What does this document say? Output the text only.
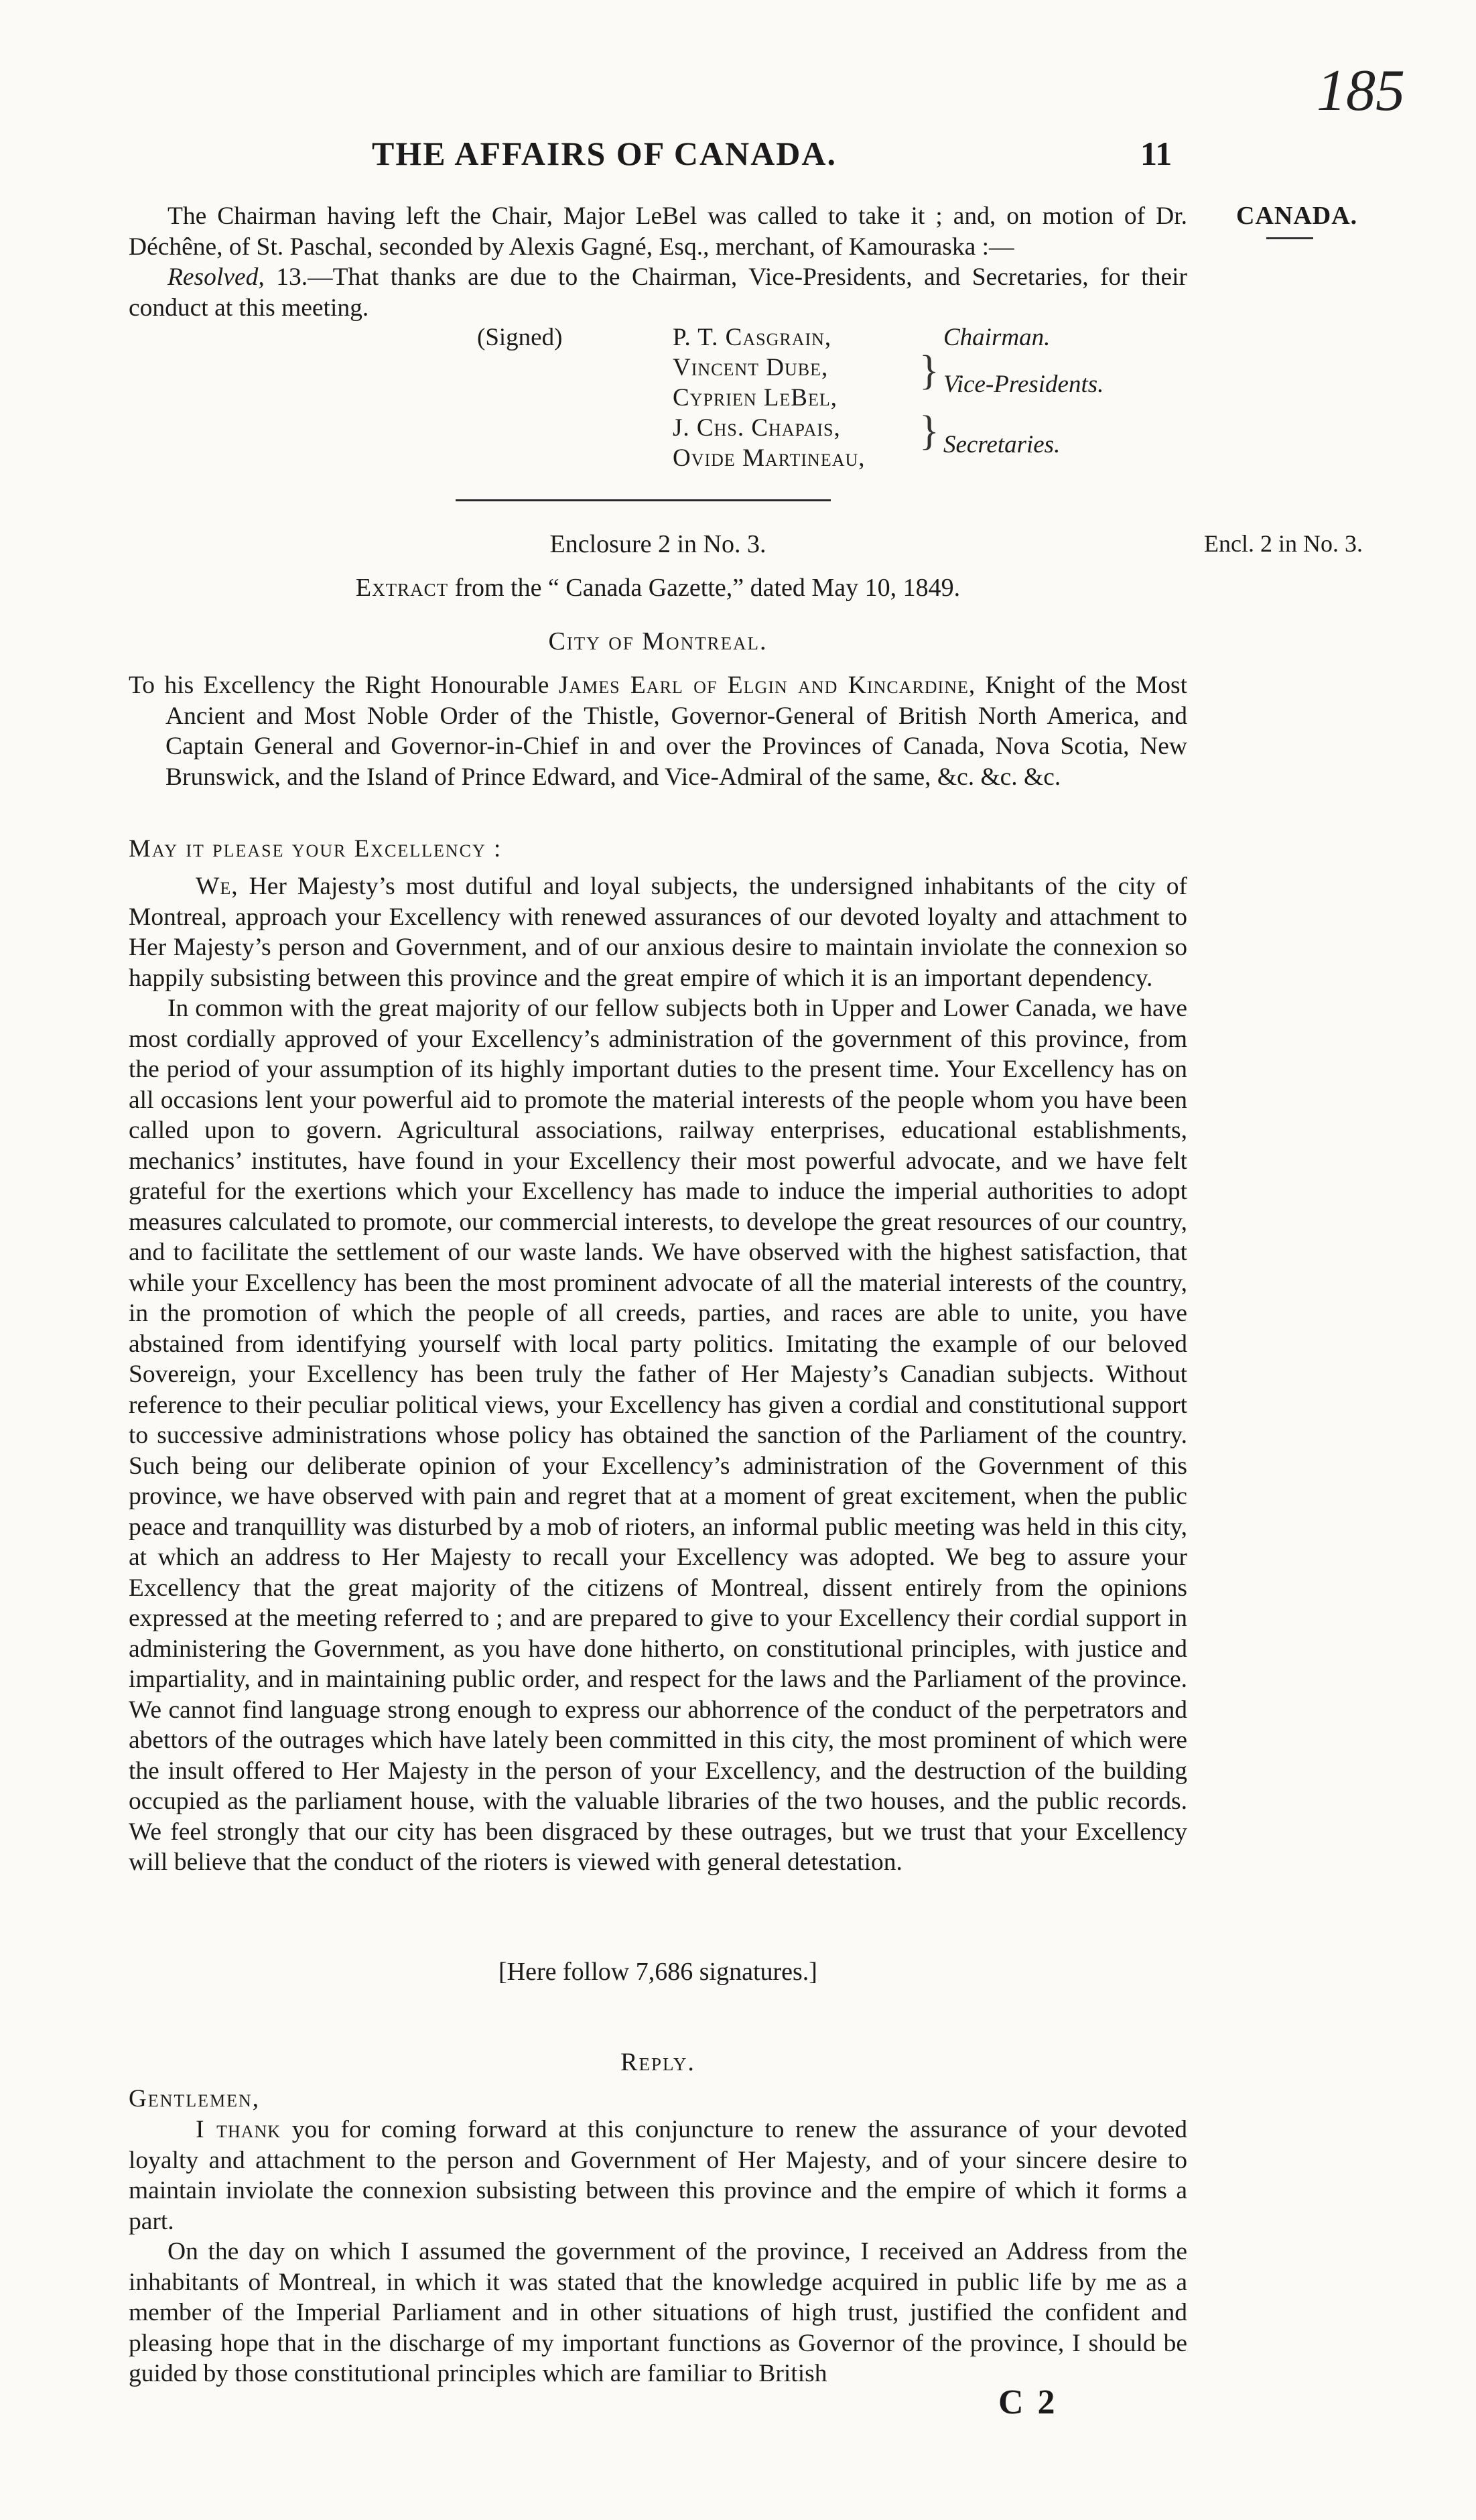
185
THE AFFAIRS OF CANADA.	11
CANADA.

The Chairman having left the Chair, Major LeBel was called to take it ; and, on motion of Dr. Déchêne, of St. Paschal, seconded by Alexis Gagné, Esq., merchant, of Kamouraska :—

Resolved, 13.—That thanks are due to the Chairman, Vice-Presidents, and Secretaries, for their conduct at this meeting.

(Signed)	P. T. Casgrain,	Chairman.
Vincent Dube,
Cyprien LeBel,
} Vice-Presidents.
J. Chs. Chapais,
Ovide Martineau,
} Secretaries.
Enclosure 2 in No. 3.	Encl. 2 in No. 3.
Extract from the “ Canada Gazette,” dated May 10, 1849.
City of Montreal.
To his Excellency the Right Honourable James Earl of Elgin and Kincardine, Knight of the Most Ancient and Most Noble Order of the Thistle, Governor-General of British North America, and Captain General and Governor-in-Chief in and over the Provinces of Canada, Nova Scotia, New Brunswick, and the Island of Prince Edward, and Vice-Admiral of the same, &c. &c. &c.
May it please your Excellency :

We, Her Majesty’s most dutiful and loyal subjects, the undersigned inhabitants of the city of Montreal, approach your Excellency with renewed assurances of our devoted loyalty and attachment to Her Majesty’s person and Government, and of our anxious desire to maintain inviolate the connexion so happily subsisting between this province and the great empire of which it is an important dependency.

In common with the great majority of our fellow subjects both in Upper and Lower Canada, we have most cordially approved of your Excellency’s administration of the government of this province, from the period of your assumption of its highly important duties to the present time. Your Excellency has on all occasions lent your powerful aid to promote the material interests of the people whom you have been called upon to govern. Agricultural associations, railway enterprises, educational establishments, mechanics’ institutes, have found in your Excellency their most powerful advocate, and we have felt grateful for the exertions which your Excellency has made to induce the imperial authorities to adopt measures calculated to promote, our commercial interests, to develope the great resources of our country, and to facilitate the settlement of our waste lands. We have observed with the highest satisfaction, that while your Excellency has been the most prominent advocate of all the material interests of the country, in the promotion of which the people of all creeds, parties, and races are able to unite, you have abstained from identifying yourself with local party politics. Imitating the example of our beloved Sovereign, your Excellency has been truly the father of Her Majesty’s Canadian subjects. Without reference to their peculiar political views, your Excellency has given a cordial and constitutional support to successive administrations whose policy has obtained the sanction of the Parliament of the country. Such being our deliberate opinion of your Excellency’s administration of the Government of this province, we have observed with pain and regret that at a moment of great excitement, when the public peace and tranquillity was disturbed by a mob of rioters, an informal public meeting was held in this city, at which an address to Her Majesty to recall your Excellency was adopted. We beg to assure your Excellency that the great majority of the citizens of Montreal, dissent entirely from the opinions expressed at the meeting referred to ; and are prepared to give to your Excellency their cordial support in administering the Government, as you have done hitherto, on constitutional principles, with justice and impartiality, and in maintaining public order, and respect for the laws and the Parliament of the province. We cannot find language strong enough to express our abhorrence of the conduct of the perpetrators and abettors of the outrages which have lately been committed in this city, the most prominent of which were the insult offered to Her Majesty in the person of your Excellency, and the destruction of the building occupied as the parliament house, with the valuable libraries of the two houses, and the public records. We feel strongly that our city has been disgraced by these outrages, but we trust that your Excellency will believe that the conduct of the rioters is viewed with general detestation.

[Here follow 7,686 signatures.]
Reply.
Gentlemen,

I thank you for coming forward at this conjuncture to renew the assurance of your devoted loyalty and attachment to the person and Government of Her Majesty, and of your sincere desire to maintain inviolate the connexion subsisting between this province and the empire of which it forms a part.

On the day on which I assumed the government of the province, I received an Address from the inhabitants of Montreal, in which it was stated that the knowledge acquired in public life by me as a member of the Imperial Parliament and in other situations of high trust, justified the confident and pleasing hope that in the discharge of my important functions as Governor of the province, I should be guided by those constitutional principles which are familiar to British

C 2
